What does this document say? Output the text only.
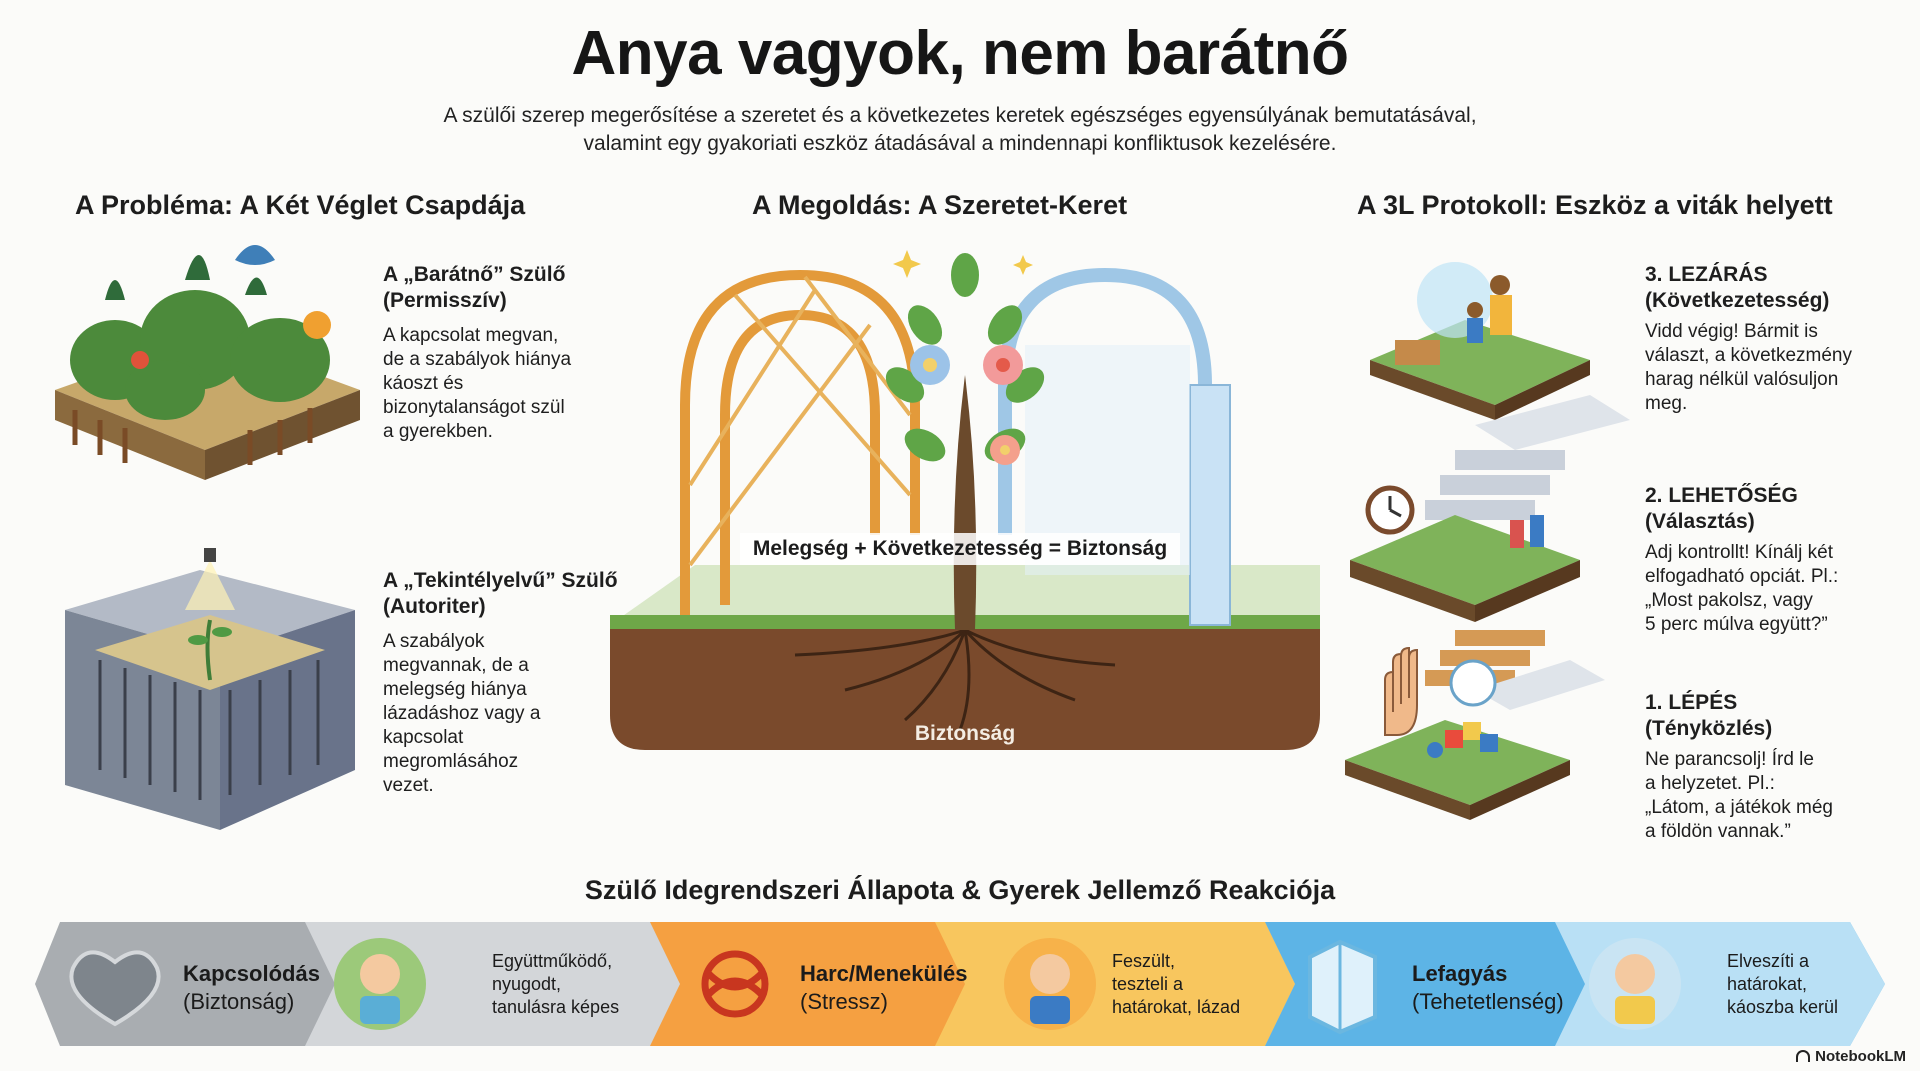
Anya vagyok, nem barátnő
A szülői szerep megerősítése a szeretet és a következetes keretek egészséges egyensúlyának bemutatásával,
valamint egy gyakoriati eszköz átadásával a mindennapi konfliktusok kezelésére.
A Probléma: A Két Véglet Csapdája	A Megoldás: A Szeretet-Keret	A 3L Protokoll: Eszköz a viták helyett
A „Barátnő” Szülő
(Permisszív)
A kapcsolat megvan,
de a szabályok hiánya
káoszt és
bizonytalanságot szül
a gyerekben.
A „Tekintélyelvű” Szülő
(Autoriter)
A szabályok
megvannak, de a
melegség hiánya
lázadáshoz vagy a
kapcsolat
megromlásához
vezet.
Melegség + Következetesség = Biztonság
Biztonság
3. LEZÁRÁS
(Következetesség)
Vidd végig! Bármit is
választ, a következmény
harag nélkül valósuljon
meg.
2. LEHETŐSÉG
(Választás)
Adj kontrollt! Kínálj két
elfogadható opciát. Pl.:
„Most pakolsz, vagy
5 perc múlva együtt?”
1. LÉPÉS
(Tényközlés)
Ne parancsolj! Írd le
a helyzetet. Pl.:
„Látom, a játékok még
a földön vannak.”
Szülő Idegrendszeri Állapota & Gyerek Jellemző Reakciója
Kapcsolódás
(Biztonság)
Együttműködő,
nyugodt,
tanulásra képes
Harc/Menekülés
(Stressz)
Feszült,
teszteli a
határokat, lázad
Lefagyás
(Tehetetlenség)
Elveszíti a
határokat,
káoszba kerül
NotebookLM
